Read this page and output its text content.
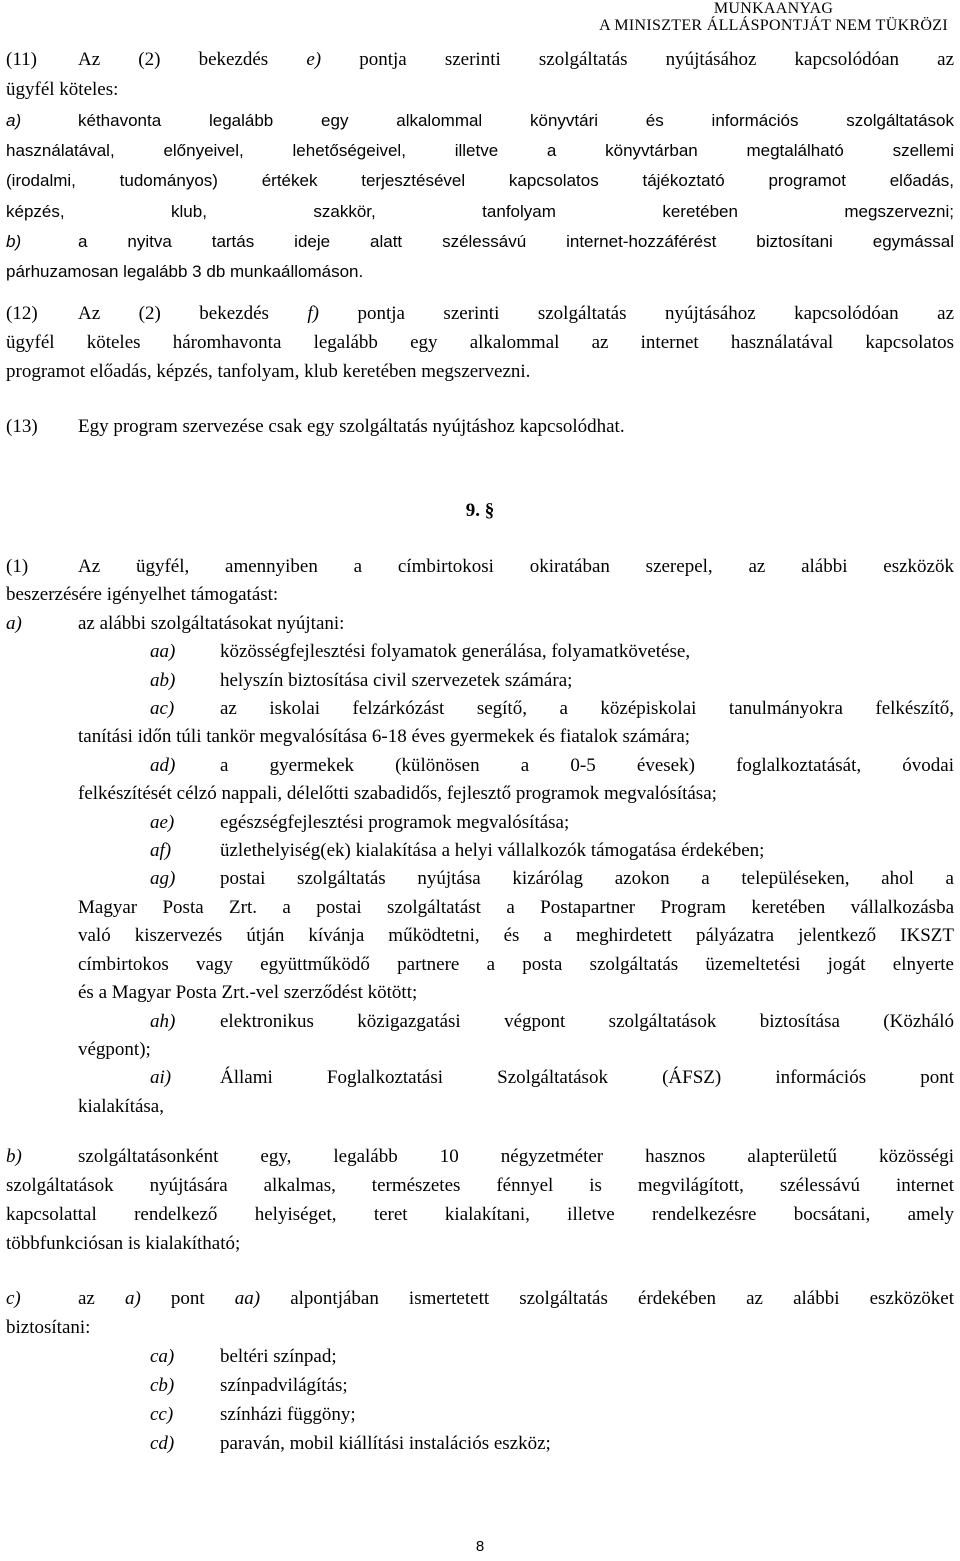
MUNKAANYAG
A MINISZTER ÁLLÁSPONTJÁT NEM TÜKRÖZI
(11) Az (2) bekezdés e) pontja szerinti szolgáltatás nyújtásához kapcsolódóan az
ügyfél köteles:
a)	kéthavonta legalább egy alkalommal könyvtári és információs szolgáltatások
használatával, előnyeivel, lehetőségeivel, illetve a könyvtárban megtalálható szellemi
(irodalmi, tudományos) értékek terjesztésével kapcsolatos tájékoztató programot előadás,
képzés, klub, szakkör, tanfolyam keretében megszervezni;
b)	a nyitva tartás ideje alatt szélessávú internet-hozzáférést biztosítani egymással
párhuzamosan legalább 3 db munkaállomáson.
(12) Az (2) bekezdés f) pontja szerinti szolgáltatás nyújtásához kapcsolódóan az
ügyfél köteles háromhavonta legalább egy alkalommal az internet használatával kapcsolatos
programot előadás, képzés, tanfolyam, klub keretében megszervezni.
(13) Egy program szervezése csak egy szolgáltatás nyújtáshoz kapcsolódhat.
9. §
(1)	Az ügyfél, amennyiben a címbirtokosi okiratában szerepel, az alábbi eszközök
beszerzésére igényelhet támogatást:
a)	az alábbi szolgáltatásokat nyújtani:
aa) közösségfejlesztési folyamatok generálása, folyamatkövetése,
ab) helyszín biztosítása civil szervezetek számára;
ac) az iskolai felzárkózást segítő, a középiskolai tanulmányokra felkészítő,
tanítási időn túli tankör megvalósítása 6-18 éves gyermekek és fiatalok számára;
ad) a gyermekek (különösen a 0-5 évesek) foglalkoztatását, óvodai
felkészítését célzó nappali, délelőtti szabadidős, fejlesztő programok megvalósítása;
ae) egészségfejlesztési programok megvalósítása;
af)	üzlethelyiség(ek) kialakítása a helyi vállalkozók támogatása érdekében;
ag) postai szolgáltatás nyújtása kizárólag azokon a településeken, ahol a
Magyar Posta Zrt. a postai szolgáltatást a Postapartner Program keretében vállalkozásba
való kiszervezés útján kívánja működtetni, és a meghirdetett pályázatra jelentkező IKSZT
címbirtokos vagy együttműködő partnere a posta szolgáltatás üzemeltetési jogát elnyerte
és a Magyar Posta Zrt.-vel szerződést kötött;
ah) elektronikus közigazgatási végpont szolgáltatások biztosítása (Közháló
végpont);
ai)	Állami Foglalkoztatási Szolgáltatások (ÁFSZ) információs pont
kialakítása,
b)	szolgáltatásonként egy, legalább 10 négyzetméter hasznos alapterületű közösségi
szolgáltatások nyújtására alkalmas, természetes fénnyel is megvilágított, szélessávú internet
kapcsolattal rendelkező helyiséget, teret kialakítani, illetve rendelkezésre bocsátani, amely
többfunkciósan is kialakítható;
c)	az a) pont aa) alpontjában ismertetett szolgáltatás érdekében az alábbi eszközöket
biztosítani:
ca) beltéri színpad;
cb) színpadvilágítás;
cc) színházi függöny;
cd) paraván, mobil kiállítási instalációs eszköz;
8
